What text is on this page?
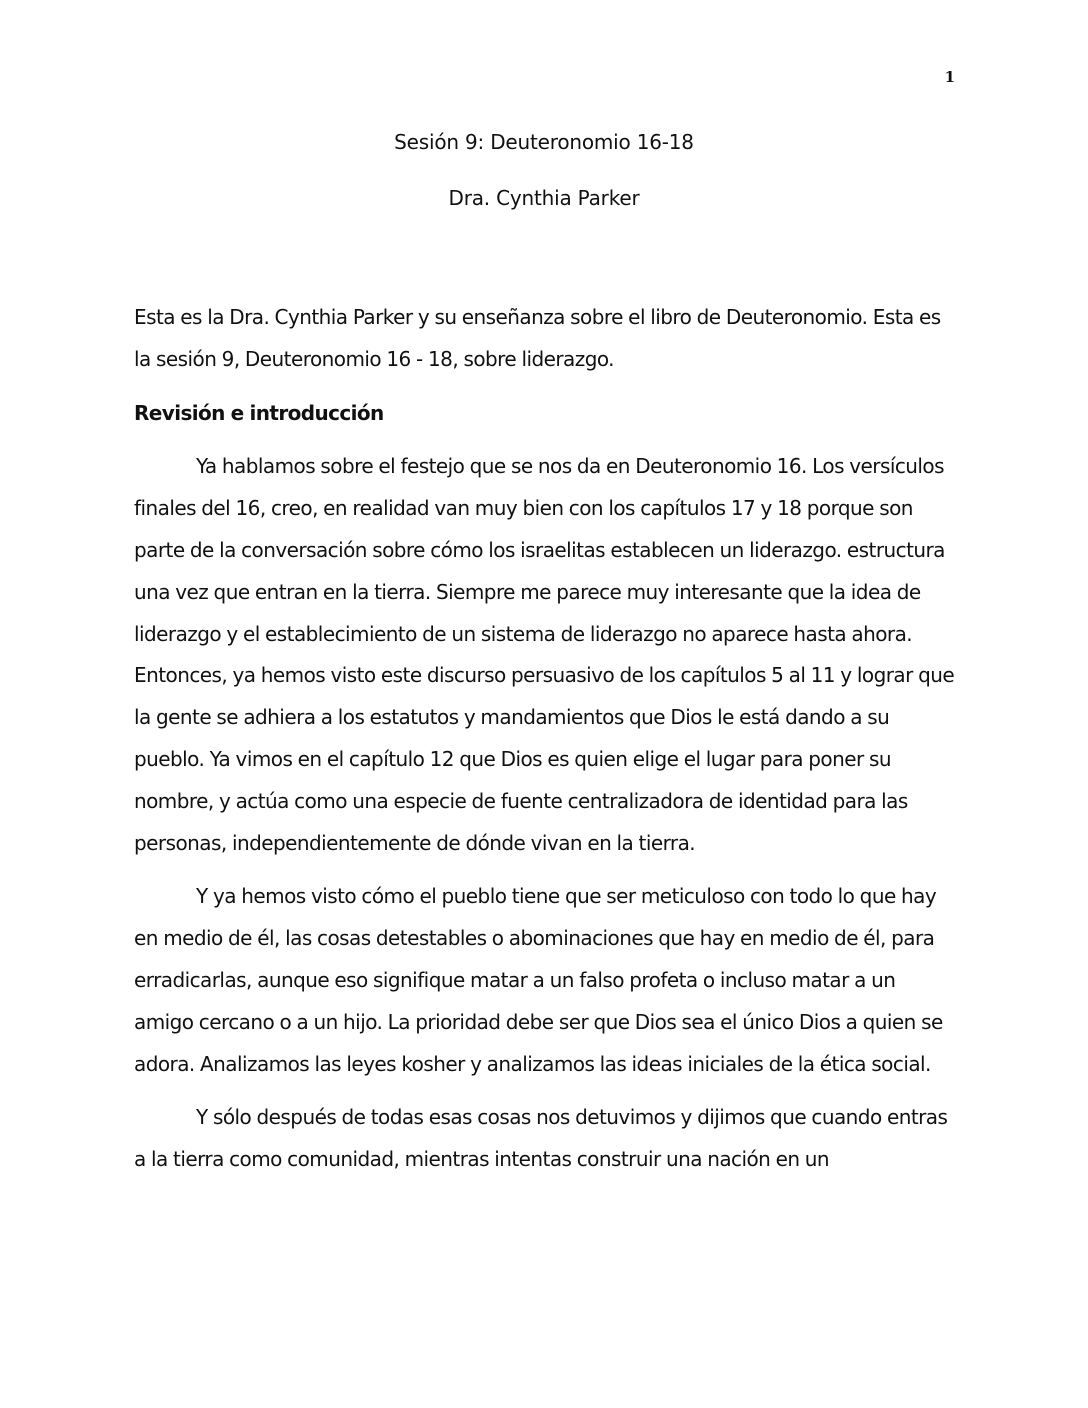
1
Sesión 9: Deuteronomio 16-18
Dra. Cynthia Parker

Esta es la Dra. Cynthia Parker y su enseñanza sobre el libro de Deuteronomio. Esta es la sesión 9, Deuteronomio 16 - 18, sobre liderazgo.

Revisión e introducción

Ya hablamos sobre el festejo que se nos da en Deuteronomio 16. Los versículos finales del 16, creo, en realidad van muy bien con los capítulos 17 y 18 porque son parte de la conversación sobre cómo los israelitas establecen un liderazgo. estructura una vez que entran en la tierra. Siempre me parece muy interesante que la idea de liderazgo y el establecimiento de un sistema de liderazgo no aparece hasta ahora. Entonces, ya hemos visto este discurso persuasivo de los capítulos 5 al 11 y lograr que la gente se adhiera a los estatutos y mandamientos que Dios le está dando a su pueblo. Ya vimos en el capítulo 12 que Dios es quien elige el lugar para poner su nombre, y actúa como una especie de fuente centralizadora de identidad para las personas, independientemente de dónde vivan en la tierra.

Y ya hemos visto cómo el pueblo tiene que ser meticuloso con todo lo que hay en medio de él, las cosas detestables o abominaciones que hay en medio de él, para erradicarlas, aunque eso signifique matar a un falso profeta o incluso matar a un amigo cercano o a un hijo. La prioridad debe ser que Dios sea el único Dios a quien se adora. Analizamos las leyes kosher y analizamos las ideas iniciales de la ética social.

Y sólo después de todas esas cosas nos detuvimos y dijimos que cuando entras a la tierra como comunidad, mientras intentas construir una nación en un
